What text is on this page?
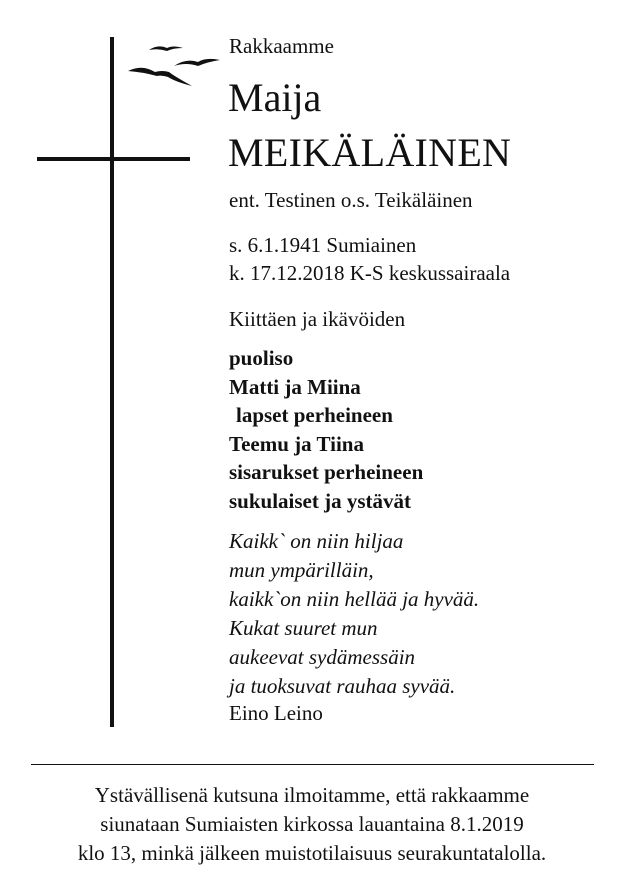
Rakkaamme
Maija
MEIKÄLÄINEN
ent. Testinen o.s. Teikäläinen
s. 6.1.1941 Sumiainen
k. 17.12.2018 K-S keskussairaala
Kiittäen ja ikävöiden
puoliso
Matti ja Miina
lapset perheineen
Teemu ja Tiina
sisarukset perheineen
sukulaiset ja ystävät
Kaikk` on niin hiljaa
mun ympärilläin,
kaikk`on niin hellää ja hyvää.
Kukat suuret mun
aukeevat sydämessäin
ja tuoksuvat rauhaa syvää.
Eino Leino
Ystävällisenä kutsuna ilmoitamme, että rakkaamme
siunataan Sumiaisten kirkossa lauantaina 8.1.2019
klo 13, minkä jälkeen muistotilaisuus seurakuntatalolla.
